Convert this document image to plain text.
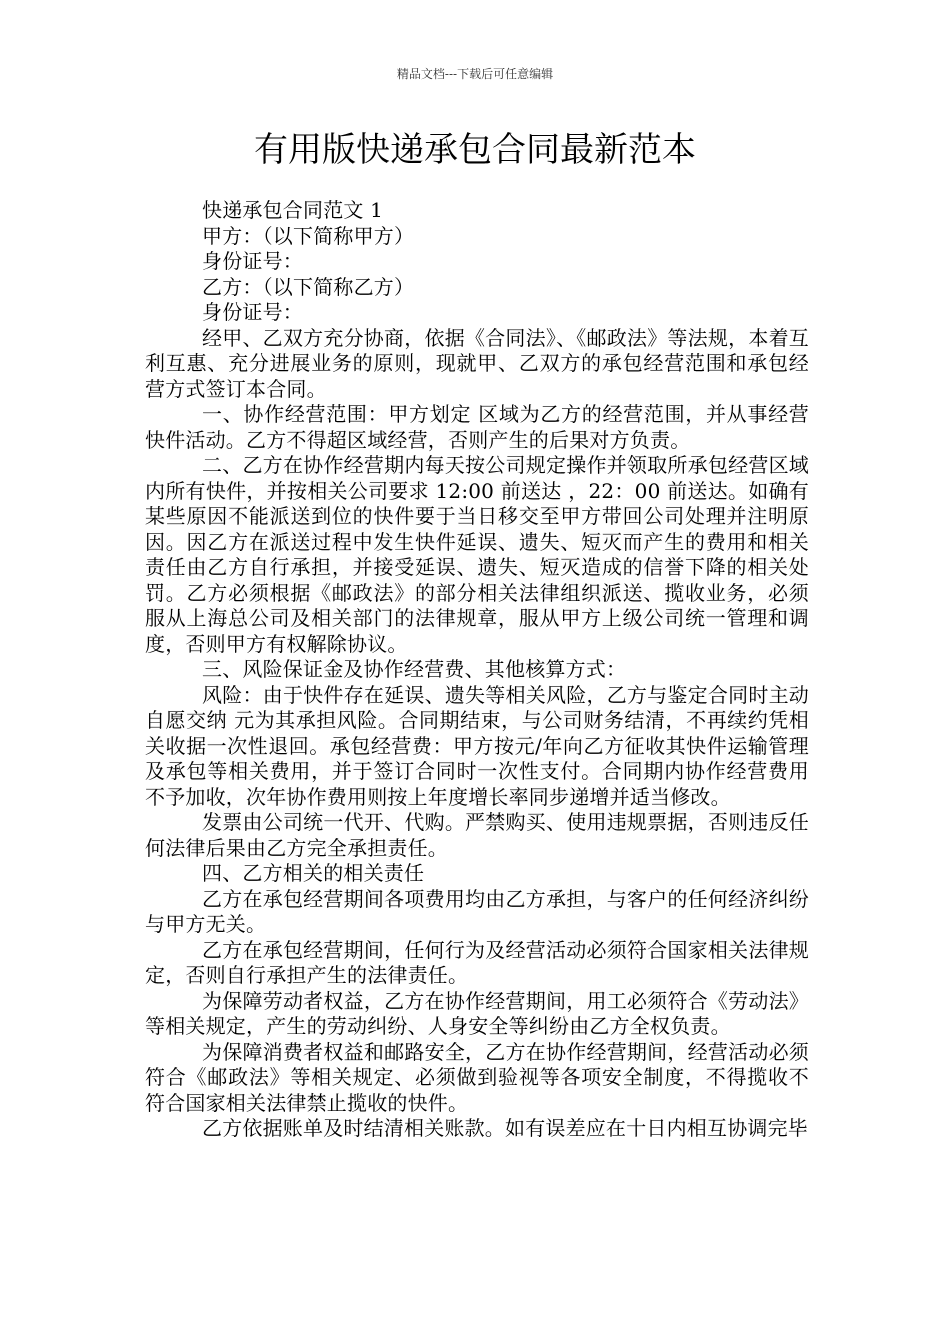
精品文档---下载后可任意编辑
有用版快递承包合同最新范本

快递承包合同范文 1

甲方：（以下简称甲方）

身份证号：

乙方：（以下简称乙方）

身份证号：

经甲、乙双方充分协商，依据《合同法》、《邮政法》等法规，本着互利互惠、充分进展业务的原则，现就甲、乙双方的承包经营范围和承包经营方式签订本合同。

一、协作经营范围：甲方划定 区域为乙方的经营范围，并从事经营快件活动。乙方不得超区域经营，否则产生的后果对方负责。

二、乙方在协作经营期内每天按公司规定操作并领取所承包经营区域内所有快件，并按相关公司要求 12:00 前送达 ，22：00 前送达。如确有某些原因不能派送到位的快件要于当日移交至甲方带回公司处理并注明原因。因乙方在派送过程中发生快件延误、遗失、短灭而产生的费用和相关责任由乙方自行承担，并接受延误、遗失、短灭造成的信誉下降的相关处罚。乙方必须根据《邮政法》的部分相关法律组织派送、揽收业务，必须服从上海总公司及相关部门的法律规章，服从甲方上级公司统一管理和调度，否则甲方有权解除协议。

三、风险保证金及协作经营费、其他核算方式：

风险：由于快件存在延误、遗失等相关风险，乙方与鉴定合同时主动自愿交纳 元为其承担风险。合同期结束，与公司财务结清，不再续约凭相关收据一次性退回。承包经营费：甲方按元/年向乙方征收其快件运输管理及承包等相关费用，并于签订合同时一次性支付。合同期内协作经营费用不予加收，次年协作费用则按上年度增长率同步递增并适当修改。

发票由公司统一代开、代购。严禁购买、使用违规票据，否则违反任何法律后果由乙方完全承担责任。

四、乙方相关的相关责任

乙方在承包经营期间各项费用均由乙方承担，与客户的任何经济纠纷与甲方无关。

乙方在承包经营期间，任何行为及经营活动必须符合国家相关法律规定，否则自行承担产生的法律责任。

为保障劳动者权益，乙方在协作经营期间，用工必须符合《劳动法》等相关规定，产生的劳动纠纷、人身安全等纠纷由乙方全权负责。

为保障消费者权益和邮路安全，乙方在协作经营期间，经营活动必须符合《邮政法》等相关规定、必须做到验视等各项安全制度，不得揽收不符合国家相关法律禁止揽收的快件。

乙方依据账单及时结清相关账款。如有误差应在十日内相互协调完毕
